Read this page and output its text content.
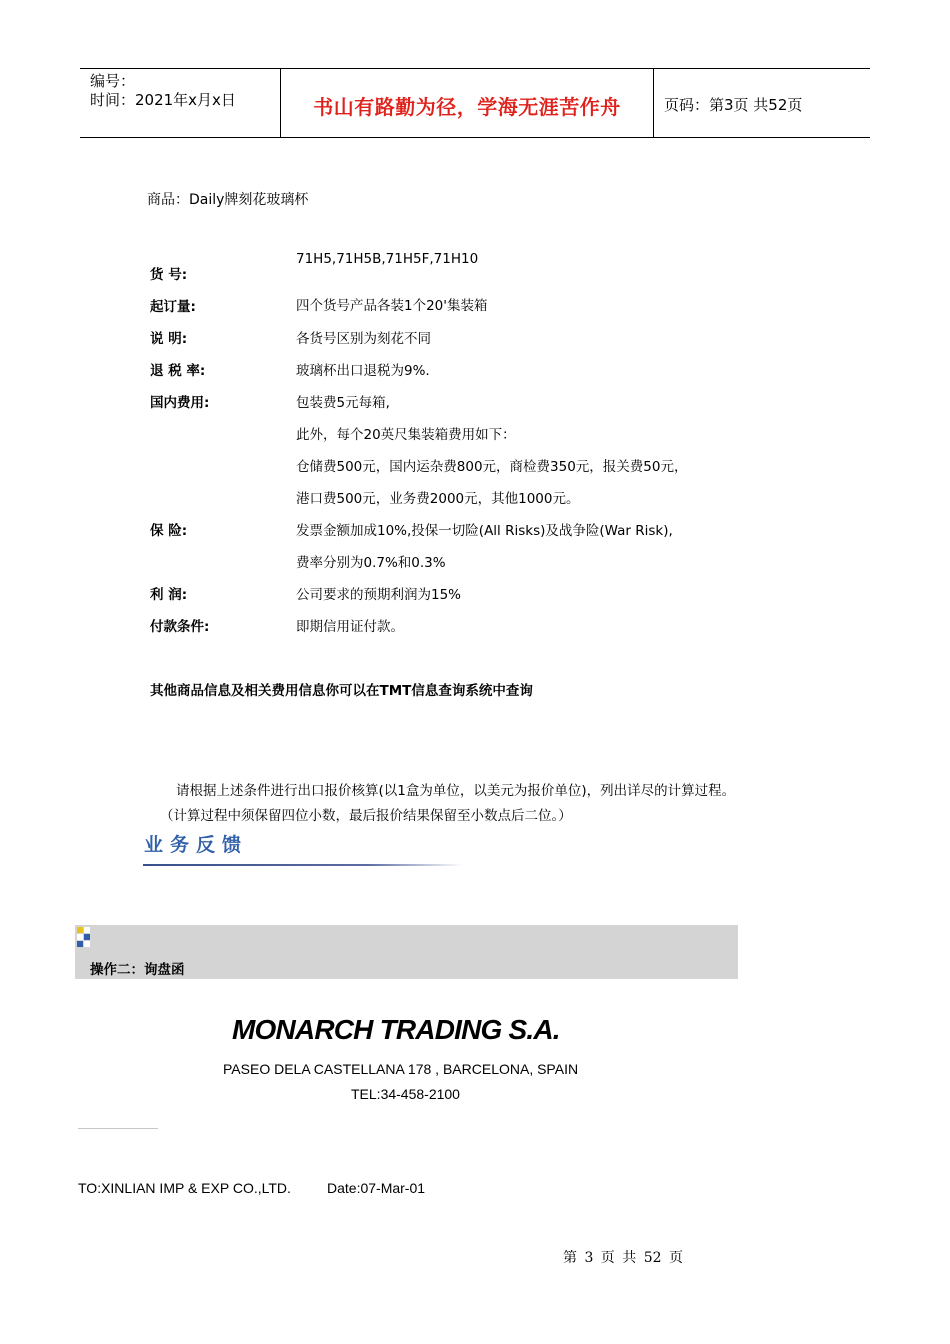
编号：
时间：2021年x月x日	书山有路勤为径，学海无涯苦作舟	页码：第3页 共52页
商品：Daily牌刻花玻璃杯
货 号:
71H5,71H5B,71H5F,71H10
起订量:	四个货号产品各装1个20'集装箱
说 明:	各货号区别为刻花不同
退 税 率:	玻璃杯出口退税为9%.
国内费用:	包装费5元每箱,
此外，每个20英尺集装箱费用如下：
仓储费500元，国内运杂费800元，商检费350元，报关费50元，
港口费500元，业务费2000元，其他1000元。
保 险:	发票金额加成10%,投保一切险(All Risks)及战争险(War Risk),
费率分别为0.7%和0.3%
利 润:	公司要求的预期利润为15%
付款条件:	即期信用证付款。
其他商品信息及相关费用信息你可以在TMT信息查询系统中查询
请根据上述条件进行出口报价核算(以1盒为单位，以美元为报价单位)，列出详尽的计算过程。
（计算过程中须保留四位小数，最后报价结果保留至小数点后二位。）
业务反馈
操作二：询盘函
MONARCH TRADING S.A.
PASEO DELA CASTELLANA 178 , BARCELONA, SPAIN
TEL:34-458-2100
TO:XINLIAN IMP & EXP CO.,LTD.	Date:07-Mar-01
第 3 页 共 52 页
